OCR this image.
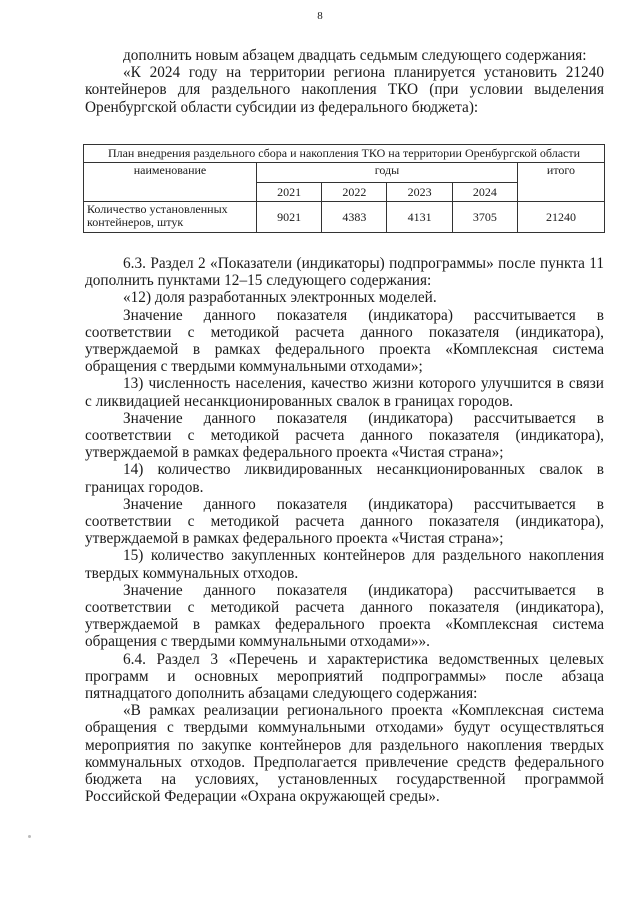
8

дополнить новым абзацем двадцать седьмым следующего содержания:

«К 2024 году на территории региона планируется установить 21240 контейнеров для раздельного накопления ТКО (при условии выделения Оренбургской области субсидии из федерального бюджета):

План внедрения раздельного сбора и накопления ТКО на территории Оренбургской области					
наименование	годы				итого
	2021	2022	2023	2024	
Количество установленных контейнеров, штук	9021	4383	4131	3705	21240

6.3. Раздел 2 «Показатели (индикаторы) подпрограммы» после пункта 11 дополнить пунктами 12–15 следующего содержания:

«12) доля разработанных электронных моделей.

Значение данного показателя (индикатора) рассчитывается в соответствии с методикой расчета данного показателя (индикатора), утверждаемой в рамках федерального проекта «Комплексная система обращения с твердыми коммунальными отходами»;

13) численность населения, качество жизни которого улучшится в связи с ликвидацией несанкционированных свалок в границах городов.

Значение данного показателя (индикатора) рассчитывается в соответствии с методикой расчета данного показателя (индикатора), утверждаемой в рамках федерального проекта «Чистая страна»;

14) количество ликвидированных несанкционированных свалок в границах городов.

Значение данного показателя (индикатора) рассчитывается в соответствии с методикой расчета данного показателя (индикатора), утверждаемой в рамках федерального проекта «Чистая страна»;

15) количество закупленных контейнеров для раздельного накопления твердых коммунальных отходов.

Значение данного показателя (индикатора) рассчитывается в соответствии с методикой расчета данного показателя (индикатора), утверждаемой в рамках федерального проекта «Комплексная система обращения с твердыми коммунальными отходами»».

6.4. Раздел 3 «Перечень и характеристика ведомственных целевых программ и основных мероприятий подпрограммы» после абзаца пятнадцатого дополнить абзацами следующего содержания:

«В рамках реализации регионального проекта «Комплексная система обращения с твердыми коммунальными отходами» будут осуществляться мероприятия по закупке контейнеров для раздельного накопления твердых коммунальных отходов. Предполагается привлечение средств федерального бюджета на условиях, установленных государственной программой Российской Федерации «Охрана окружающей среды».
